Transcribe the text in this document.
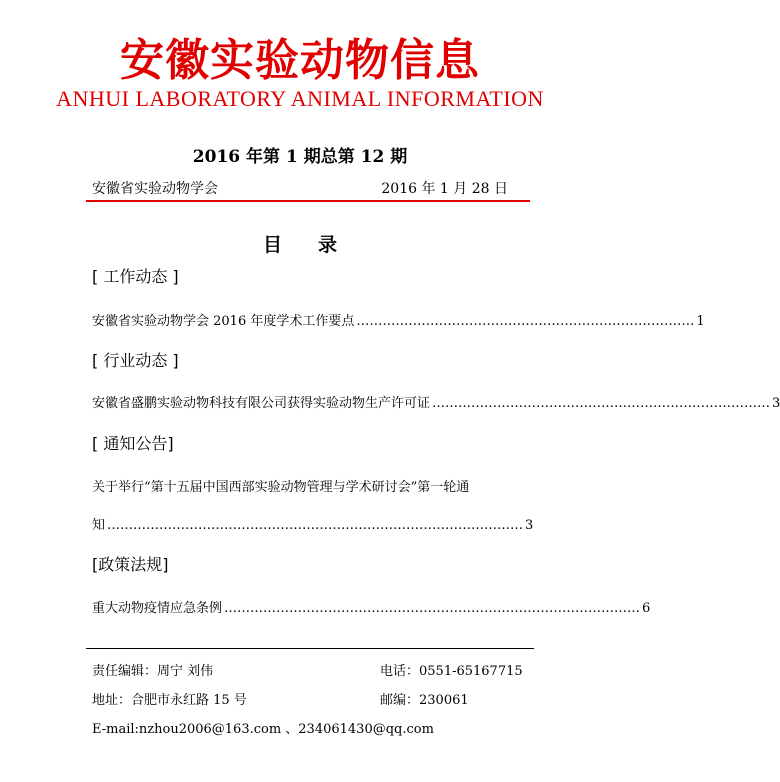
安徽实验动物信息
ANHUI LABORATORY ANIMAL INFORMATION
2016 年第 1 期总第 12 期
安徽省实验动物学会	2016 年 1 月 28 日
目录
[ 工作动态 ]
安徽省实验动物学会 2016 年度学术工作要点 …………………………………………………………………… 1
[ 行业动态 ]
安徽省盛鹏实验动物科技有限公司获得实验动物生产许可证 …………………………………………………………………… 3
[ 通知公告]
关于举行“第十五届中国西部实验动物管理与学术研讨会”第一轮通
知 …………………………………………………………………………………… 3
[政策法规]
重大动物疫情应急条例 …………………………………………………………………………………… 6
责任编辑：周宁 刘伟	电话：0551-65167715
地址：合肥市永红路 15 号	邮编：230061
E-mail:nzhou2006@163.com 、234061430@qq.com
